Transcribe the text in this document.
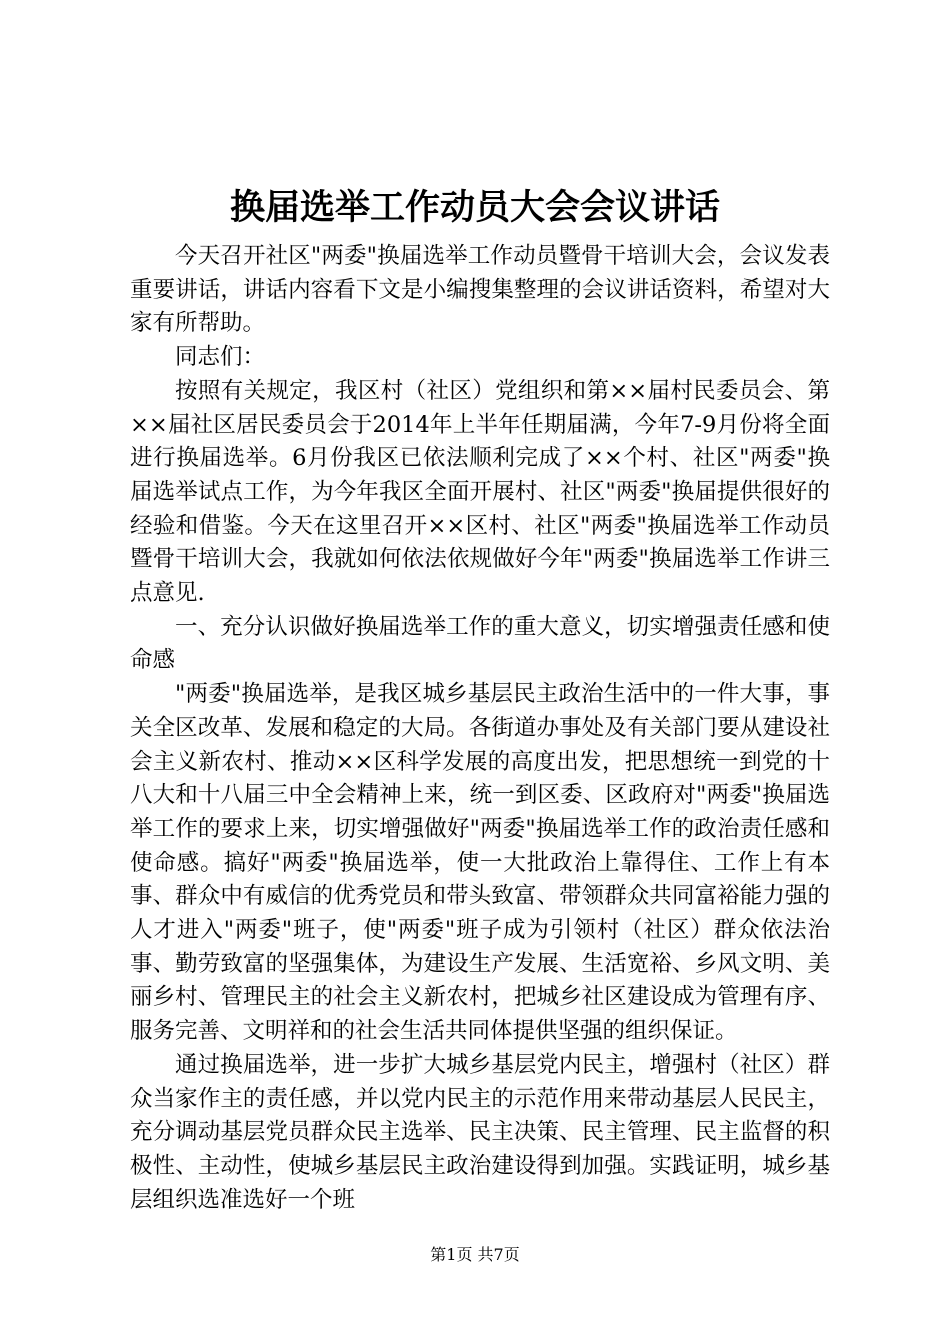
换届选举工作动员大会会议讲话

今天召开社区"两委"换届选举工作动员暨骨干培训大会，会议发表重要讲话，讲话内容看下文是小编搜集整理的会议讲话资料，希望对大家有所帮助。

同志们：

按照有关规定，我区村（社区）党组织和第××届村民委员会、第××届社区居民委员会于2014年上半年任期届满，今年7-9月份将全面进行换届选举。6月份我区已依法顺利完成了××个村、社区"两委"换届选举试点工作，为今年我区全面开展村、社区"两委"换届提供很好的经验和借鉴。今天在这里召开××区村、社区"两委"换届选举工作动员暨骨干培训大会，我就如何依法依规做好今年"两委"换届选举工作讲三点意见.

一、充分认识做好换届选举工作的重大意义，切实增强责任感和使命感

"两委"换届选举，是我区城乡基层民主政治生活中的一件大事，事关全区改革、发展和稳定的大局。各街道办事处及有关部门要从建设社会主义新农村、推动××区科学发展的高度出发，把思想统一到党的十八大和十八届三中全会精神上来，统一到区委、区政府对"两委"换届选举工作的要求上来，切实增强做好"两委"换届选举工作的政治责任感和使命感。搞好"两委"换届选举，使一大批政治上靠得住、工作上有本事、群众中有威信的优秀党员和带头致富、带领群众共同富裕能力强的人才进入"两委"班子，使"两委"班子成为引领村（社区）群众依法治事、勤劳致富的坚强集体，为建设生产发展、生活宽裕、乡风文明、美丽乡村、管理民主的社会主义新农村，把城乡社区建设成为管理有序、服务完善、文明祥和的社会生活共同体提供坚强的组织保证。

通过换届选举，进一步扩大城乡基层党内民主，增强村（社区）群众当家作主的责任感，并以党内民主的示范作用来带动基层人民民主，充分调动基层党员群众民主选举、民主决策、民主管理、民主监督的积极性、主动性，使城乡基层民主政治建设得到加强。实践证明，城乡基层组织选准选好一个班

第1页 共7页
